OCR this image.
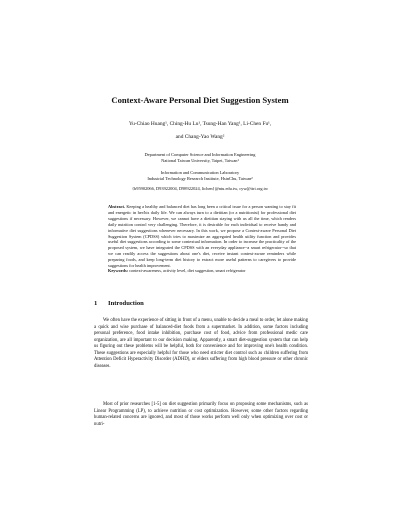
Context-Aware Personal Diet Suggestion System
Yu-Chiao Huang¹, Ching-Hu Lu¹, Tsung-Han Yang¹, Li-Chen Fu¹,
and Chang-Yao Wang²
Department of Computer Science and Information Engineering
National Taiwan University, Taipei, Taiwan¹
Information and Communication Laboratory
Industrial Technology Research Institute, HsinChu, Taiwan²
{b95902066, D93922004, D98922024, lichen}@ntu.edu.tw, cyw@itri.org.tw

Abstract. Keeping a healthy and balanced diet has long been a critical issue for a person wanting to stay fit and energetic in her/his daily life. We can always turn to a dietitian (or a nutritionist) for professional diet suggestions if necessary. However, we cannot have a dietitian staying with us all the time, which renders daily nutrition control very challenging. Therefore, it is desirable for each individual to receive handy and informative diet suggestions whenever necessary. In this work, we propose a Context-aware Personal Diet Suggestion System (CPDSS) which tries to maximize an aggregated health utility function and provides useful diet suggestions according to some contextual information. In order to increase the practicality of the proposed system, we have integrated the CPDSS with an everyday appliance--a smart refrigerator--so that we can readily access the suggestions about one's diet, receive instant context-aware reminders while preparing foods, and keep long-term diet history to extract more useful patterns to caregivers to provide suggestions for health improvement.

Keywords: context-awareness, activity level, diet suggestion, smart refrigerator

1 Introduction

We often have the experience of sitting in front of a menu, unable to decide a meal to order, let alone making a quick and wise purchase of balanced-diet foods from a supermarket. In addition, some factors including personal preference, food intake inhibition, purchase cost of food, advice from professional medic care organization, are all important to our decision making. Apparently, a smart diet-suggestion system that can help us figuring out these problems will be helpful, both for convenience and for improving one's health condition. These suggestions are especially helpful for those who need stricter diet control such as children suffering from Attention Deficit Hyperactivity Disorder (ADHD), or elders suffering from high blood pressure or other chronic diseases.

Most of prior researches [1-5] on diet suggestion primarily focus on proposing some mechanisms, such as Linear Programming (LP), to achieve nutrition or cost optimization. However, some other factors regarding human-related concerns are ignored, and most of those works perform well only when optimizing over cost or nutri-
